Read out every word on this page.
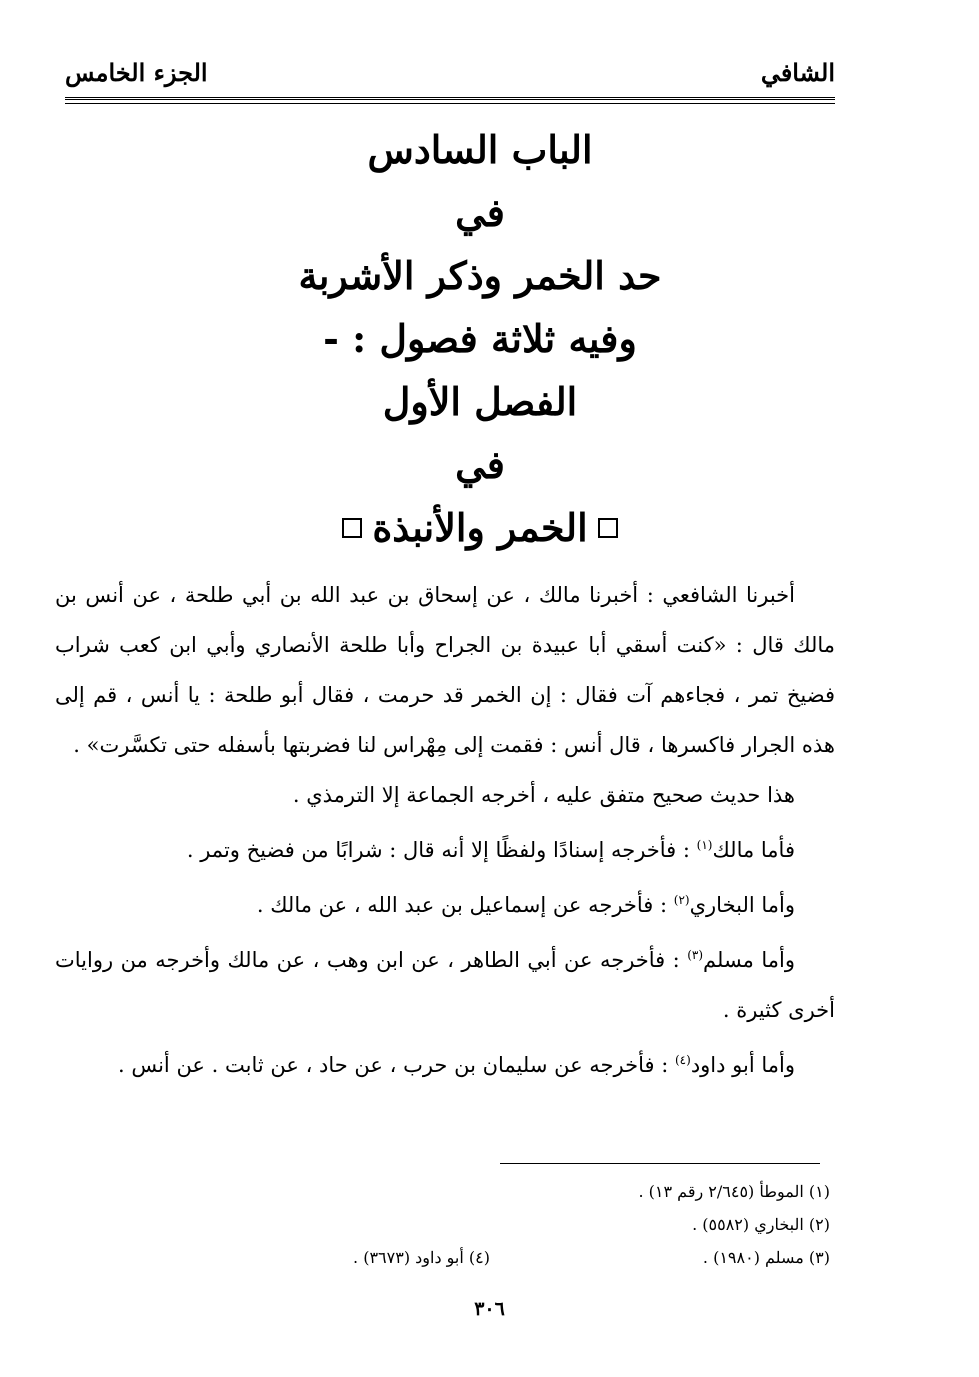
الشافي
الجزء الخامس
الباب السادس
في
حد الخمر وذكر الأشربة
وفيه ثلاثة فصول : -
الفصل الأول
في
الخمر والأنبذة

أخبرنا الشافعي : أخبرنا مالك ، عن إسحاق بن عبد الله بن أبي طلحة ، عن أنس بن مالك قال : «كنت أسقي أبا عبيدة بن الجراح وأبا طلحة الأنصاري وأبي ابن كعب شراب فضيخ تمر ، فجاءهم آت فقال : إن الخمر قد حرمت ، فقال أبو طلحة : يا أنس ، قم إلى هذه الجرار فاكسرها ، قال أنس : فقمت إلى مِهْراس لنا فضربتها بأسفله حتى تكسَّرت» .

هذا حديث صحيح متفق عليه ، أخرجه الجماعة إلا الترمذي .

فأما مالك$^{(١)}$ : فأخرجه إسنادًا ولفظًا إلا أنه قال : شرابًا من فضيخ وتمر .

وأما البخاري$^{(٢)}$ : فأخرجه عن إسماعيل بن عبد الله ، عن مالك .

وأما مسلم$^{(٣)}$ : فأخرجه عن أبي الطاهر ، عن ابن وهب ، عن مالك وأخرجه من روايات أخرى كثيرة .

وأما أبو داود$^{(٤)}$ : فأخرجه عن سليمان بن حرب ، عن حاد ، عن ثابت . عن أنس .

(١) الموطأ (٢/٦٤٥ رقم ١٣) .
(٢) البخاري (٥٥٨٢) .
(٣) مسلم (١٩٨٠) .
(٤) أبو داود (٣٦٧٣) .
٣٠٦
